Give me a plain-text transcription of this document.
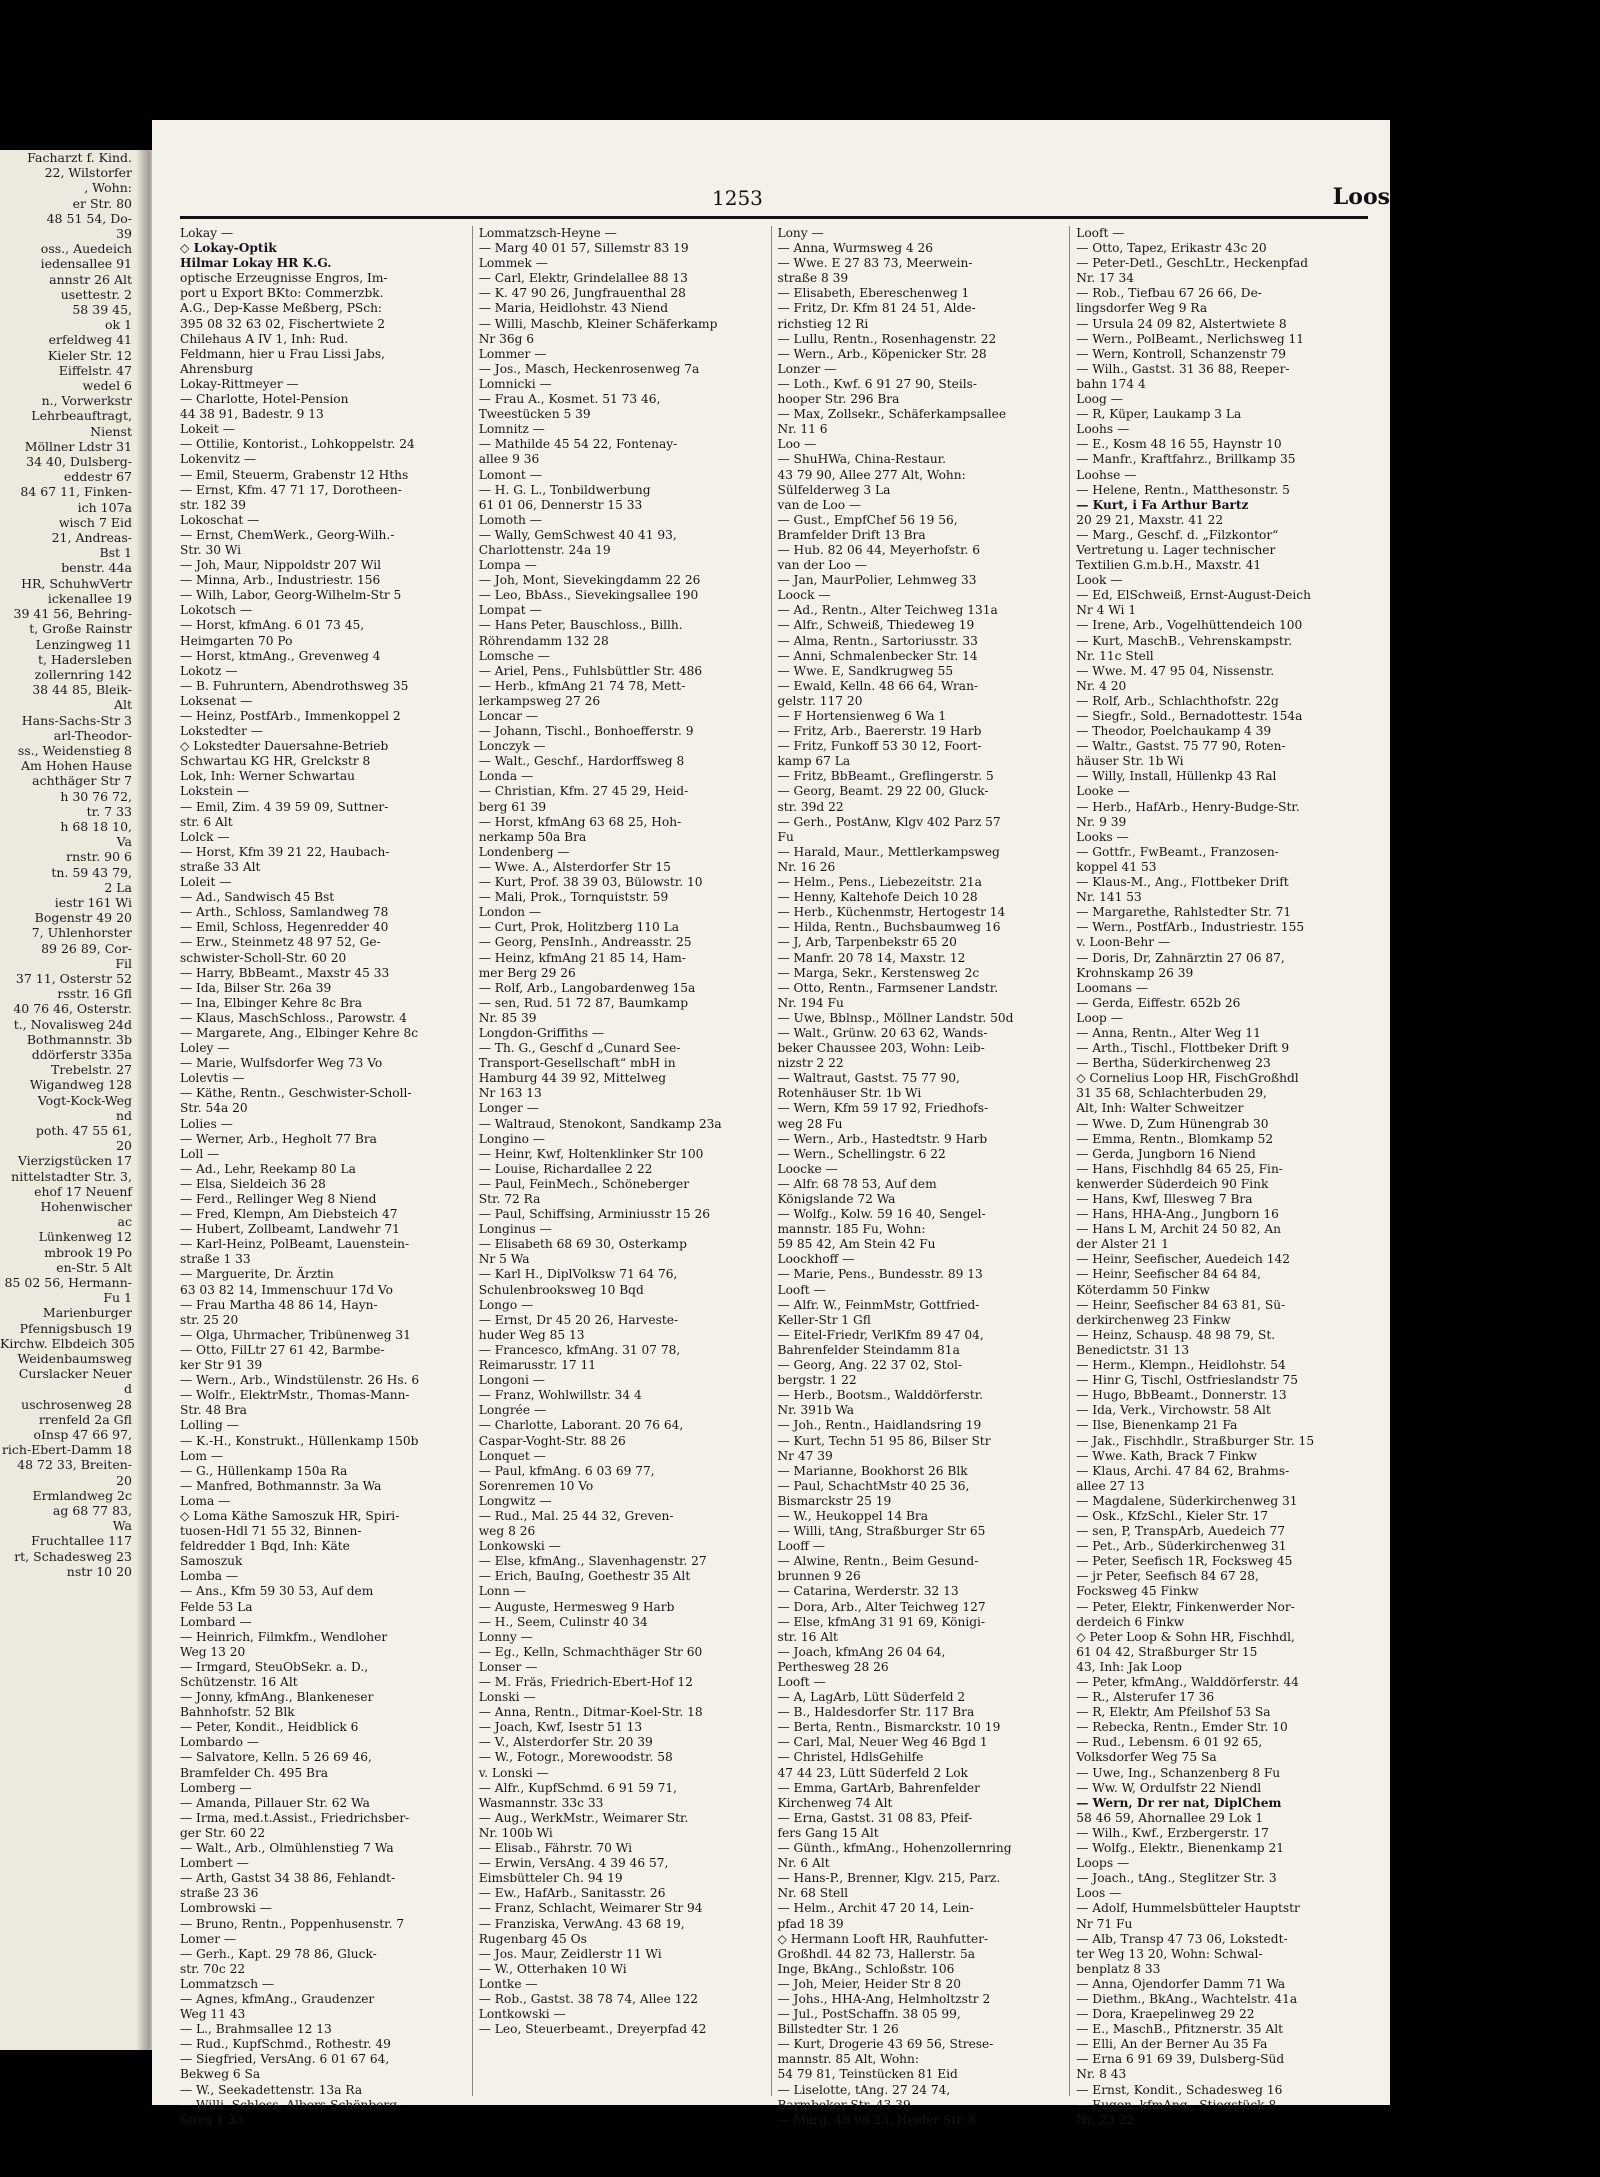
Facharzt f. Kind.
22, Wilstorfer
, Wohn:
er Str. 80
48 51 54, Do-
39
oss., Auedeich
iedensallee 91
annstr 26 Alt
usettestr. 2
58 39 45,
ok 1
erfeldweg 41
Kieler Str. 12
Eiffelstr. 47
wedel 6
n., Vorwerkstr
Lehrbeauftragt,
Nienst
Möllner Ldstr 31
34 40, Dulsberg-
eddestr 67
84 67 11, Finken-
ich 107a
wisch 7 Eid
21, Andreas-
Bst 1
benstr. 44a
HR, SchuhwVertr
ickenallee 19
39 41 56, Behring-
t, Große Rainstr
Lenzingweg 11
t, Hadersleben
zollernring 142
38 44 85, Bleik-
Alt
Hans-Sachs-Str 3
arl-Theodor-
ss., Weidenstieg 8
Am Hohen Hause
achthäger Str 7
h 30 76 72,
tr. 7 33
h 68 18 10,
Va
rnstr. 90 6
tn. 59 43 79,
2 La
iestr 161 Wi
Bogenstr 49 20
7, Uhlenhorster
89 26 89, Cor-
Fil
37 11, Osterstr 52
rsstr. 16 Gfl
40 76 46, Osterstr.
t., Novalisweg 24d
Bothmannstr. 3b
ddörferstr 335a
Trebelstr. 27
Wigandweg 128
Vogt-Kock-Weg
nd
poth. 47 55 61,
20
Vierzigstücken 17
nittelstadter Str. 3,
ehof 17 Neuenf
Hohenwischer
ac
Lünkenweg 12
mbrook 19 Po
en-Str. 5 Alt
85 02 56, Hermann-
Fu 1
Marienburger
Pfennigsbusch 19
Kirchw. Elbdeich 305
Weidenbaumsweg
Curslacker Neuer
d
uschrosenweg 28
rrenfeld 2a Gfl
oInsp 47 66 97,
rich-Ebert-Damm 18
48 72 33, Breiten-
20
Ermlandweg 2c
ag 68 77 83,
Wa
Fruchtallee 117
rt, Schadesweg 23
nstr 10 20
1253	Loos
Lokay —
◇ Lokay-Optik
Hilmar Lokay HR K.G.
optische Erzeugnisse Engros, Im-
port u Export BKto: Commerzbk.
A.G., Dep-Kasse Meßberg, PSch:
395 08 32 63 02, Fischertwiete 2
Chilehaus A IV 1, Inh: Rud.
Feldmann, hier u Frau Lissi Jabs,
Ahrensburg
Lokay-Rittmeyer —
— Charlotte, Hotel-Pension
44 38 91, Badestr. 9 13
Lokeit —
— Ottilie, Kontorist., Lohkoppelstr. 24
Lokenvitz —
— Emil, Steuerm, Grabenstr 12 Hths
— Ernst, Kfm. 47 71 17, Dorotheen-
str. 182 39
Lokoschat —
— Ernst, ChemWerk., Georg-Wilh.-
Str. 30 Wi
— Joh, Maur, Nippoldstr 207 Wil
— Minna, Arb., Industriestr. 156
— Wilh, Labor, Georg-Wilhelm-Str 5
Lokotsch —
— Horst, kfmAng. 6 01 73 45,
Heimgarten 70 Po
— Horst, ktmAng., Grevenweg 4
Lokotz —
— B. Fuhruntern, Abendrothsweg 35
Loksenat —
— Heinz, PostfArb., Immenkoppel 2
Lokstedter —
◇ Lokstedter Dauersahne-Betrieb
Schwartau KG HR, Grelckstr 8
Lok, Inh: Werner Schwartau
Lokstein —
— Emil, Zim. 4 39 59 09, Suttner-
str. 6 Alt
Lolck —
— Horst, Kfm 39 21 22, Haubach-
straße 33 Alt
Loleit —
— Ad., Sandwisch 45 Bst
— Arth., Schloss, Samlandweg 78
— Emil, Schloss, Hegenredder 40
— Erw., Steinmetz 48 97 52, Ge-
schwister-Scholl-Str. 60 20
— Harry, BbBeamt., Maxstr 45 33
— Ida, Bilser Str. 26a 39
— Ina, Elbinger Kehre 8c Bra
— Klaus, MaschSchloss., Parowstr. 4
— Margarete, Ang., Elbinger Kehre 8c
Loley —
— Marie, Wulfsdorfer Weg 73 Vo
Lolevtis —
— Käthe, Rentn., Geschwister-Scholl-
Str. 54a 20
Lolies —
— Werner, Arb., Hegholt 77 Bra
Loll —
— Ad., Lehr, Reekamp 80 La
— Elsa, Sieldeich 36 28
— Ferd., Rellinger Weg 8 Niend
— Fred, Klempn, Am Diebsteich 47
— Hubert, Zollbeamt, Landwehr 71
— Karl-Heinz, PolBeamt, Lauenstein-
straße 1 33
— Marguerite, Dr. Ärztin
63 03 82 14, Immenschuur 17d Vo
— Frau Martha 48 86 14, Hayn-
str. 25 20
— Olga, Uhrmacher, Tribünenweg 31
— Otto, FilLtr 27 61 42, Barmbe-
ker Str 91 39
— Wern., Arb., Windstülenstr. 26 Hs. 6
— Wolfr., ElektrMstr., Thomas-Mann-
Str. 48 Bra
Lolling —
— K.-H., Konstrukt., Hüllenkamp 150b
Lom —
— G., Hüllenkamp 150a Ra
— Manfred, Bothmannstr. 3a Wa
Loma —
◇ Loma Käthe Samoszuk HR, Spiri-
tuosen-Hdl 71 55 32, Binnen-
feldredder 1 Bqd, Inh: Käte
Samoszuk
Lomba —
— Ans., Kfm 59 30 53, Auf dem
Felde 53 La
Lombard —
— Heinrich, Filmkfm., Wendloher
Weg 13 20
— Irmgard, SteuObSekr. a. D.,
Schützenstr. 16 Alt
— Jonny, kfmAng., Blankeneser
Bahnhofstr. 52 Blk
— Peter, Kondit., Heidblick 6
Lombardo —
— Salvatore, Kelln. 5 26 69 46,
Bramfelder Ch. 495 Bra
Lomberg —
— Amanda, Pillauer Str. 62 Wa
— Irma, med.t.Assist., Friedrichsber-
ger Str. 60 22
— Walt., Arb., Olmühlenstieg 7 Wa
Lombert —
— Arth, Gastst 34 38 86, Fehlandt-
straße 23 36
Lombrowski —
— Bruno, Rentn., Poppenhusenstr. 7
Lomer —
— Gerh., Kapt. 29 78 86, Gluck-
str. 70c 22
Lommatzsch —
— Agnes, kfmAng., Graudenzer
Weg 11 43
— L., Brahmsallee 12 13
— Rud., KupfSchmd., Rothestr. 49
— Siegfried, VersAng. 6 01 67 64,
Bekweg 6 Sa
— W., Seekadettenstr. 13a Ra
— Willi, Schloss. Albers-Schönberg-
Stieg 1 33
Lommatzsch-Heyne —
— Marg 40 01 57, Sillemstr 83 19
Lommek —
— Carl, Elektr, Grindelallee 88 13
— K. 47 90 26, Jungfrauenthal 28
— Maria, Heidlohstr. 43 Niend
— Willi, Maschb, Kleiner Schäferkamp
Nr 36g 6
Lommer —
— Jos., Masch, Heckenrosenweg 7a
Lomnicki —
— Frau A., Kosmet. 51 73 46,
Tweestücken 5 39
Lomnitz —
— Mathilde 45 54 22, Fontenay-
allee 9 36
Lomont —
— H. G. L., Tonbildwerbung
61 01 06, Dennerstr 15 33
Lomoth —
— Wally, GemSchwest 40 41 93,
Charlottenstr. 24a 19
Lompa —
— Joh, Mont, Sievekingdamm 22 26
— Leo, BbAss., Sievekingsallee 190
Lompat —
— Hans Peter, Bauschloss., Billh.
Röhrendamm 132 28
Lomsche —
— Ariel, Pens., Fuhlsbüttler Str. 486
— Herb., kfmAng 21 74 78, Mett-
lerkampsweg 27 26
Loncar —
— Johann, Tischl., Bonhoefferstr. 9
Lonczyk —
— Walt., Geschf., Hardorffsweg 8
Londa —
— Christian, Kfm. 27 45 29, Heid-
berg 61 39
— Horst, kfmAng 63 68 25, Hoh-
nerkamp 50a Bra
Londenberg —
— Wwe. A., Alsterdorfer Str 15
— Kurt, Prof. 38 39 03, Bülowstr. 10
— Mali, Prok., Tornquiststr. 59
London —
— Curt, Prok, Holitzberg 110 La
— Georg, PensInh., Andreasstr. 25
— Heinz, kfmAng 21 85 14, Ham-
mer Berg 29 26
— Rolf, Arb., Langobardenweg 15a
— sen, Rud. 51 72 87, Baumkamp
Nr. 85 39
Longdon-Griffiths —
— Th. G., Geschf d „Cunard See-
Transport-Gesellschaft“ mbH in
Hamburg 44 39 92, Mittelweg
Nr 163 13
Longer —
— Waltraud, Stenokont, Sandkamp 23a
Longino —
— Heinr, Kwf, Holtenklinker Str 100
— Louise, Richardallee 2 22
— Paul, FeinMech., Schöneberger
Str. 72 Ra
— Paul, Schiffsing, Arminiusstr 15 26
Longinus —
— Elisabeth 68 69 30, Osterkamp
Nr 5 Wa
— Karl H., DiplVolksw 71 64 76,
Schulenbrooksweg 10 Bqd
Longo —
— Ernst, Dr 45 20 26, Harveste-
huder Weg 85 13
— Francesco, kfmAng. 31 07 78,
Reimarusstr. 17 11
Longoni —
— Franz, Wohlwillstr. 34 4
Longrée —
— Charlotte, Laborant. 20 76 64,
Caspar-Voght-Str. 88 26
Lonquet —
— Paul, kfmAng. 6 03 69 77,
Sorenremen 10 Vo
Longwitz —
— Rud., Mal. 25 44 32, Greven-
weg 8 26
Lonkowski —
— Else, kfmAng., Slavenhagenstr. 27
— Erich, BauIng, Goethestr 35 Alt
Lonn —
— Auguste, Hermesweg 9 Harb
— H., Seem, Culinstr 40 34
Lonny —
— Eg., Kelln, Schmachthäger Str 60
Lonser —
— M. Fräs, Friedrich-Ebert-Hof 12
Lonski —
— Anna, Rentn., Ditmar-Koel-Str. 18
— Joach, Kwf, Isestr 51 13
— V., Alsterdorfer Str. 20 39
— W., Fotogr., Morewoodstr. 58
v. Lonski —
— Alfr., KupfSchmd. 6 91 59 71,
Wasmannstr. 33c 33
— Aug., WerkMstr., Weimarer Str.
Nr. 100b Wi
— Elisab., Fährstr. 70 Wi
— Erwin, VersAng. 4 39 46 57,
Eimsbütteler Ch. 94 19
— Ew., HafArb., Sanitasstr. 26
— Franz, Schlacht, Weimarer Str 94
— Franziska, VerwAng. 43 68 19,
Rugenbarg 45 Os
— Jos. Maur, Zeidlerstr 11 Wi
— W., Otterhaken 10 Wi
Lontke —
— Rob., Gastst. 38 78 74, Allee 122
Lontkowski —
— Leo, Steuerbeamt., Dreyerpfad 42
Lony —
— Anna, Wurmsweg 4 26
— Wwe. E 27 83 73, Meerwein-
straße 8 39
— Elisabeth, Eberesсhenweg 1
— Fritz, Dr. Kfm 81 24 51, Alde-
richstieg 12 Ri
— Lullu, Rentn., Rosenhagenstr. 22
— Wern., Arb., Köpenicker Str. 28
Lonzer —
— Loth., Kwf. 6 91 27 90, Steils-
hooper Str. 296 Bra
— Max, Zollsekr., Schäferkampsallee
Nr. 11 6
Loo —
— ShuHWa, China-Restaur.
43 79 90, Allee 277 Alt, Wohn:
Sülfelderweg 3 La
van de Loo —
— Gust., EmpfChef 56 19 56,
Bramfelder Drift 13 Bra
— Hub. 82 06 44, Meyerhofstr. 6
van der Loo —
— Jan, MaurPolier, Lehmweg 33
Loock —
— Ad., Rentn., Alter Teichweg 131a
— Alfr., Schweiß, Thiedeweg 19
— Alma, Rentn., Sartoriusstr. 33
— Anni, Schmalenbecker Str. 14
— Wwe. E, Sandkrugweg 55
— Ewald, Kelln. 48 66 64, Wran-
gelstr. 117 20
— F Hortensienweg 6 Wa 1
— Fritz, Arb., Baererstr. 19 Harb
— Fritz, Funkoff 53 30 12, Foort-
kamp 67 La
— Fritz, BbBeamt., Greflingerstr. 5
— Georg, Beamt. 29 22 00, Gluck-
str. 39d 22
— Gerh., PostAnw, Klgv 402 Parz 57
Fu
— Harald, Maur., Mettlerkampsweg
Nr. 16 26
— Helm., Pens., Liebezeitstr. 21a
— Henny, Kaltehofe Deich 10 28
— Herb., Küchenmstr, Hertogestr 14
— Hilda, Rentn., Buchsbaumweg 16
— J, Arb, Tarpenbekstr 65 20
— Manfr. 20 78 14, Maxstr. 12
— Marga, Sekr., Kerstensweg 2c
— Otto, Rentn., Farmsener Landstr.
Nr. 194 Fu
— Uwe, Bblnsp., Möllner Landstr. 50d
— Walt., Grünw. 20 63 62, Wands-
beker Chaussee 203, Wohn: Leib-
nizstr 2 22
— Waltraut, Gastst. 75 77 90,
Rotenhäuser Str. 1b Wi
— Wern, Kfm 59 17 92, Friedhofs-
weg 28 Fu
— Wern., Arb., Hastedtstr. 9 Harb
— Wern., Schellingstr. 6 22
Loocke —
— Alfr. 68 78 53, Auf dem
Königslande 72 Wa
— Wolfg., Kolw. 59 16 40, Sengel-
mannstr. 185 Fu, Wohn:
59 85 42, Am Stein 42 Fu
Loockhoff —
— Marie, Pens., Bundesstr. 89 13
Looft —
— Alfr. W., FeinmMstr, Gottfried-
Keller-Str 1 Gfl
— Eitel-Friedr, VerlKfm 89 47 04,
Bahrenfelder Steindamm 81a
— Georg, Ang. 22 37 02, Stol-
bergstr. 1 22
— Herb., Bootsm., Walddörferstr.
Nr. 391b Wa
— Joh., Rentn., Haidlandsring 19
— Kurt, Techn 51 95 86, Bilser Str
Nr 47 39
— Marianne, Bookhorst 26 Blk
— Paul, SchachtMstr 40 25 36,
Bismarckstr 25 19
— W., Heukoppel 14 Bra
— Willi, tAng, Straßburger Str 65
Looff —
— Alwine, Rentn., Beim Gesund-
brunnen 9 26
— Catarina, Werderstr. 32 13
— Dora, Arb., Alter Teichweg 127
— Else, kfmAng 31 91 69, Königi-
str. 16 Alt
— Joach, kfmAng 26 04 64,
Perthesweg 28 26
Looft —
— A, LagArb, Lütt Süderfeld 2
— B., Haldesdorfer Str. 117 Bra
— Berta, Rentn., Bismarckstr. 10 19
— Carl, Mal, Neuer Weg 46 Bgd 1
— Christel, HdlsGehilfe
47 44 23, Lütt Süderfeld 2 Lok
— Emma, GartArb, Bahrenfelder
Kirchenweg 74 Alt
— Erna, Gastst. 31 08 83, Pfeif-
fers Gang 15 Alt
— Günth., kfmAng., Hohenzollernring
Nr. 6 Alt
— Hans-P., Brenner, Klgv. 215, Parz.
Nr. 68 Stell
— Helm., Archit 47 20 14, Lein-
pfad 18 39
◇ Hermann Looft HR, Rauhfutter-
Großhdl. 44 82 73, Hallerstr. 5a
Inge, BkAng., Schloßstr. 106
— Joh, Meier, Heider Str 8 20
— Johs., HHA-Ang, Helmholtzstr 2
— Jul., PostSchaffn. 38 05 99,
Billstedter Str. 1 26
— Kurt, Drogerie 43 69 56, Strese-
mannstr. 85 Alt, Wohn:
54 79 81, Teinstücken 81 Eid
— Liselotte, tAng. 27 24 74,
Barmbeker Str. 43 39
— Marg. 48 98 23, Heider Str. 8
Looft —
— Otto, Tapez, Erikastr 43c 20
— Peter-Detl., GeschLtr., Heckenpfad
Nr. 17 34
— Rob., Tiefbau 67 26 66, De-
lingsdorfer Weg 9 Ra
— Ursula 24 09 82, Alstertwiete 8
— Wern., PolBeamt., Nerlichsweg 11
— Wern, Kontroll, Schanzenstr 79
— Wilh., Gastst. 31 36 88, Reeper-
bahn 174 4
Loog —
— R, Küper, Laukamp 3 La
Loohs —
— E., Kosm 48 16 55, Haynstr 10
— Manfr., Kraftfahrz., Brillkamp 35
Loohse —
— Helene, Rentn., Matthesonstr. 5
— Kurt, i Fa Arthur Bartz
20 29 21, Maxstr. 41 22
— Marg., Geschf. d. „Filzkontor“
Vertretung u. Lager technischer
Textilien G.m.b.H., Maxstr. 41
Look —
— Ed, ElSchweiß, Ernst-August-Deich
Nr 4 Wi 1
— Irene, Arb., Vogelhüttendeich 100
— Kurt, MaschB., Vehrenskampstr.
Nr. 11c Stell
— Wwe. M. 47 95 04, Nissenstr.
Nr. 4 20
— Rolf, Arb., Schlachthofstr. 22g
— Siegfr., Sold., Bernadottestr. 154a
— Theodor, Poelchaukamp 4 39
— Waltr., Gastst. 75 77 90, Roten-
häuser Str. 1b Wi
— Willy, Install, Hüllenkp 43 Ral
Looke —
— Herb., HafArb., Henry-Budge-Str.
Nr. 9 39
Looks —
— Gottfr., FwBeamt., Franzosen-
koppel 41 53
— Klaus-M., Ang., Flottbeker Drift
Nr. 141 53
— Margarethe, Rahlstedter Str. 71
— Wern., PostfArb., Industriestr. 155
v. Loon-Behr —
— Doris, Dr, Zahnärztin 27 06 87,
Krohnskamp 26 39
Loomans —
— Gerda, Eiffestr. 652b 26
Loop —
— Anna, Rentn., Alter Weg 11
— Arth., Tischl., Flottbeker Drift 9
— Bertha, Süderkirchenweg 23
◇ Cornelius Loop HR, FischGroßhdl
31 35 68, Schlachterbuden 29,
Alt, Inh: Walter Schweitzer
— Wwe. D, Zum Hünengrab 30
— Emma, Rentn., Blomkamp 52
— Gerda, Jungborn 16 Niend
— Hans, Fischhdlg 84 65 25, Fin-
kenwerder Süderdeich 90 Fink
— Hans, Kwf, Illesweg 7 Bra
— Hans, HHA-Ang., Jungborn 16
— Hans L M, Archit 24 50 82, An
der Alster 21 1
— Heinr, Seefischer, Auedeich 142
— Heinr, Seefischer 84 64 84,
Köterdamm 50 Finkw
— Heinr, Seefischer 84 63 81, Sü-
derkirchenweg 23 Finkw
— Heinz, Schausp. 48 98 79, St.
Benedictstr. 31 13
— Herm., Klempn., Heidlohstr. 54
— Hinr G, Tischl, Ostfrieslandstr 75
— Hugo, BbBeamt., Donnerstr. 13
— Ida, Verk., Virchowstr. 58 Alt
— Ilse, Bienenkamp 21 Fa
— Jak., Fischhdlr., Straßburger Str. 15
— Wwe. Kath, Brack 7 Finkw
— Klaus, Archi. 47 84 62, Brahms-
allee 27 13
— Magdalene, Süderkirchenweg 31
— Osk., KfzSchl., Kieler Str. 17
— sen, P, TranspArb, Auedeich 77
— Pet., Arb., Süderkirchenweg 31
— Peter, Seefisch 1R, Focksweg 45
— jr Peter, Seefisch 84 67 28,
Focksweg 45 Finkw
— Peter, Elektr, Finkenwerder Nor-
derdeich 6 Finkw
◇ Peter Loop & Sohn HR, Fischhdl,
61 04 42, Straßburger Str 15
43, Inh: Jak Loop
— Peter, kfmAng., Walddörferstr. 44
— R., Alsterufer 17 36
— R, Elektr, Am Pfeilshof 53 Sa
— Rebecka, Rentn., Emder Str. 10
— Rud., Lebensm. 6 01 92 65,
Volksdorfer Weg 75 Sa
— Uwe, Ing., Schanzenberg 8 Fu
— Ww. W, Ordulfstr 22 Niendl
— Wern, Dr rer nat, DiplChem
58 46 59, Ahornallee 29 Lok 1
— Wilh., Kwf., Erzbergerstr. 17
— Wolfg., Elektr., Bienenkamp 21
Loops —
— Joach., tAng., Steglitzer Str. 3
Loos —
— Adolf, Hummelsbütteler Hauptstr
Nr 71 Fu
— Alb, Transp 47 73 06, Lokstedt-
ter Weg 13 20, Wohn: Schwal-
benplatz 8 33
— Anna, Ojendorfer Damm 71 Wa
— Diethm., BkAng., Wachtelstr. 41a
— Dora, Kraepelinweg 29 22
— E., MaschB., Pfitznerstr. 35 Alt
— Elli, An der Berner Au 35 Fa
— Erna 6 91 69 39, Dulsberg-Süd
Nr. 8 43
— Ernst, Kondit., Schadesweg 16
— Eugen, kfmAng., Stiegstück 8
Nr. 23 22
